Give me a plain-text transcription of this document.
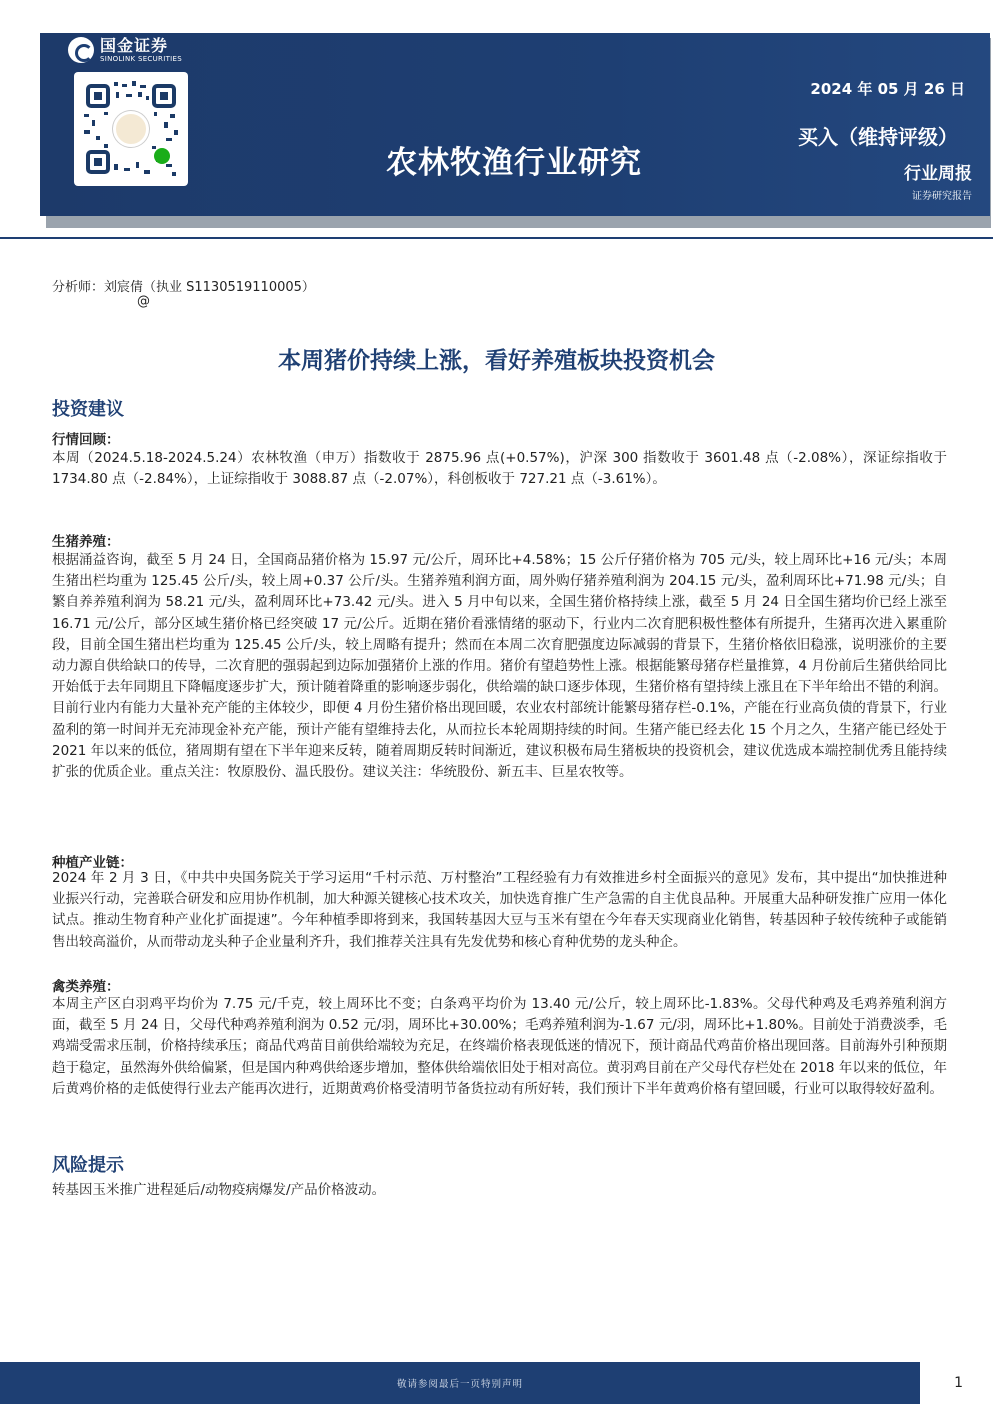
农林牧渔行业研究
2024 年 05 月 26 日
买入（维持评级）
行业周报
证券研究报告
国金证券
SINOLINK SECURITIES
分析师：刘宸倩（执业 S1130519110005）
@
本周猪价持续上涨，看好养殖板块投资机会
投资建议
行情回顾：
本周（2024.5.18-2024.5.24）农林牧渔（申万）指数收于 2875.96 点(+0.57%)，沪深 300 指数收于 3601.48 点（-2.08%），深证综指收于 1734.80 点（-2.84%），上证综指收于 3088.87 点（-2.07%），科创板收于 727.21 点（-3.61%）。
生猪养殖：
根据涌益咨询，截至 5 月 24 日，全国商品猪价格为 15.97 元/公斤，周环比+4.58%；15 公斤仔猪价格为 705 元/头，较上周环比+16 元/头；本周生猪出栏均重为 125.45 公斤/头，较上周+0.37 公斤/头。生猪养殖利润方面，周外购仔猪养殖利润为 204.15 元/头，盈利周环比+71.98 元/头；自繁自养养殖利润为 58.21 元/头，盈利周环比+73.42 元/头。进入 5 月中旬以来，全国生猪价格持续上涨，截至 5 月 24 日全国生猪均价已经上涨至 16.71 元/公斤，部分区域生猪价格已经突破 17 元/公斤。近期在猪价看涨情绪的驱动下，行业内二次育肥积极性整体有所提升，生猪再次进入累重阶段，目前全国生猪出栏均重为 125.45 公斤/头，较上周略有提升；然而在本周二次育肥强度边际减弱的背景下，生猪价格依旧稳涨，说明涨价的主要动力源自供给缺口的传导，二次育肥的强弱起到边际加强猪价上涨的作用。猪价有望趋势性上涨。根据能繁母猪存栏量推算，4 月份前后生猪供给同比开始低于去年同期且下降幅度逐步扩大，预计随着降重的影响逐步弱化，供给端的缺口逐步体现，生猪价格有望持续上涨且在下半年给出不错的利润。目前行业内有能力大量补充产能的主体较少，即便 4 月份生猪价格出现回暖，农业农村部统计能繁母猪存栏-0.1%，产能在行业高负债的背景下，行业盈利的第一时间并无充沛现金补充产能，预计产能有望维持去化，从而拉长本轮周期持续的时间。生猪产能已经去化 15 个月之久，生猪产能已经处于 2021 年以来的低位，猪周期有望在下半年迎来反转，随着周期反转时间渐近，建议积极布局生猪板块的投资机会，建议优选成本端控制优秀且能持续扩张的优质企业。重点关注：牧原股份、温氏股份。建议关注：华统股份、新五丰、巨星农牧等。
种植产业链：
2024 年 2 月 3 日，《中共中央国务院关于学习运用“千村示范、万村整治”工程经验有力有效推进乡村全面振兴的意见》发布，其中提出“加快推进种业振兴行动，完善联合研发和应用协作机制，加大种源关键核心技术攻关，加快选育推广生产急需的自主优良品种。开展重大品种研发推广应用一体化试点。推动生物育种产业化扩面提速”。今年种植季即将到来，我国转基因大豆与玉米有望在今年春天实现商业化销售，转基因种子较传统种子或能销售出较高溢价，从而带动龙头种子企业量利齐升，我们推荐关注具有先发优势和核心育种优势的龙头种企。
禽类养殖：
本周主产区白羽鸡平均价为 7.75 元/千克，较上周环比不变；白条鸡平均价为 13.40 元/公斤，较上周环比-1.83%。父母代种鸡及毛鸡养殖利润方面，截至 5 月 24 日，父母代种鸡养殖利润为 0.52 元/羽，周环比+30.00%；毛鸡养殖利润为-1.67 元/羽，周环比+1.80%。目前处于消费淡季，毛鸡端受需求压制，价格持续承压；商品代鸡苗目前供给端较为充足，在终端价格表现低迷的情况下，预计商品代鸡苗价格出现回落。目前海外引种预期趋于稳定，虽然海外供给偏紧，但是国内种鸡供给逐步增加，整体供给端依旧处于相对高位。黄羽鸡目前在产父母代存栏处在 2018 年以来的低位，年后黄鸡价格的走低使得行业去产能再次进行，近期黄鸡价格受清明节备货拉动有所好转，我们预计下半年黄鸡价格有望回暖，行业可以取得较好盈利。
风险提示
转基因玉米推广进程延后/动物疫病爆发/产品价格波动。
敬请参阅最后一页特别声明	1
